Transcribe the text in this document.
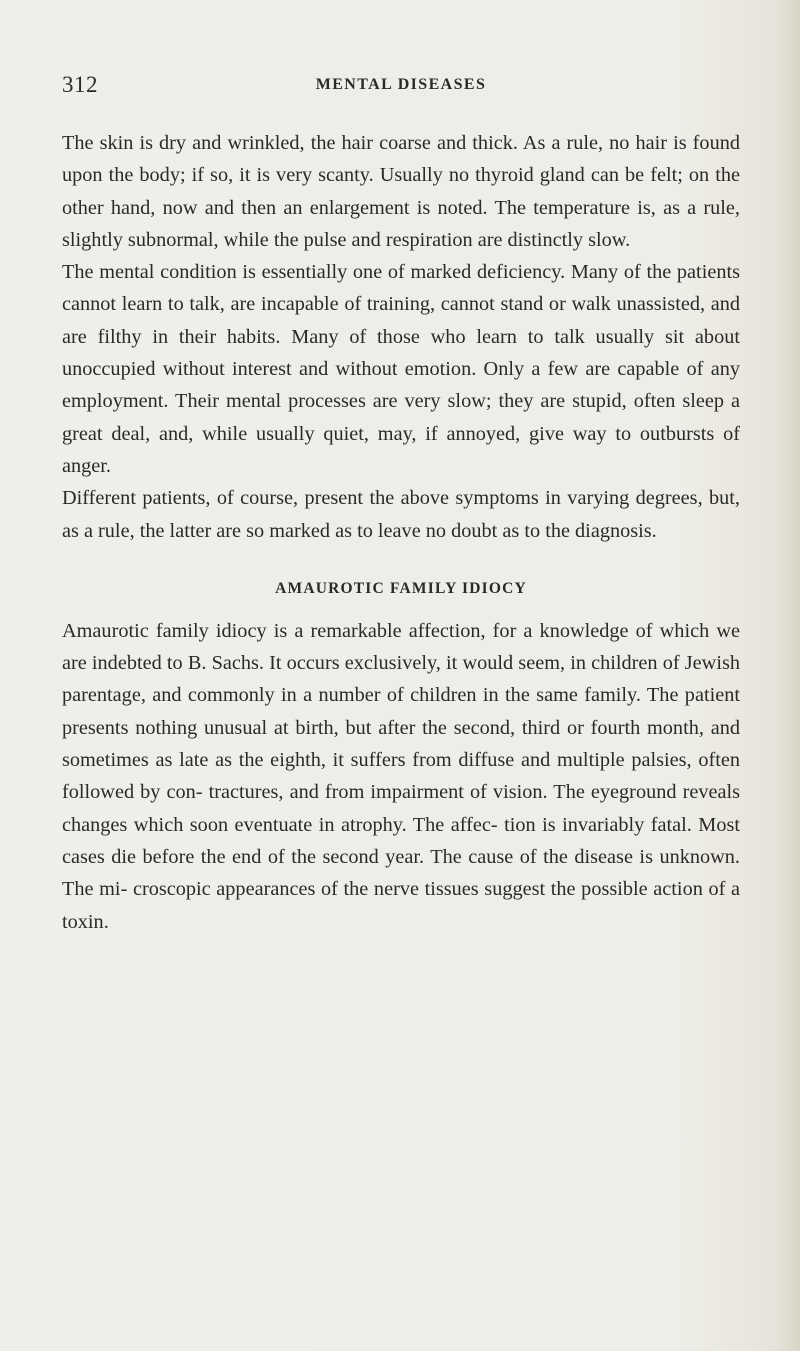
312	MENTAL DISEASES

The skin is dry and wrinkled, the hair coarse and thick. As a rule, no hair is found upon the body; if so, it is very scanty. Usually no thyroid gland can be felt; on the other hand, now and then an enlargement is noted. The temperature is, as a rule, slightly subnormal, while the pulse and respiration are distinctly slow.

The mental condition is essentially one of marked deficiency. Many of the patients cannot learn to talk, are incapable of training, cannot stand or walk unassisted, and are filthy in their habits. Many of those who learn to talk usually sit about unoccupied without interest and without emotion. Only a few are capable of any employment. Their mental processes are very slow; they are stupid, often sleep a great deal, and, while usually quiet, may, if annoyed, give way to outbursts of anger.

Different patients, of course, present the above symptoms in varying degrees, but, as a rule, the latter are so marked as to leave no doubt as to the diagnosis.

AMAUROTIC FAMILY IDIOCY

Amaurotic family idiocy is a remarkable affection, for a knowledge of which we are indebted to B. Sachs. It occurs exclusively, it would seem, in children of Jewish parentage, and commonly in a number of children in the same family. The patient presents nothing unusual at birth, but after the second, third or fourth month, and sometimes as late as the eighth, it suffers from diffuse and multiple palsies, often followed by con- tractures, and from impairment of vision. The eyeground reveals changes which soon eventuate in atrophy. The affec- tion is invariably fatal. Most cases die before the end of the second year. The cause of the disease is unknown. The mi- croscopic appearances of the nerve tissues suggest the possible action of a toxin.
